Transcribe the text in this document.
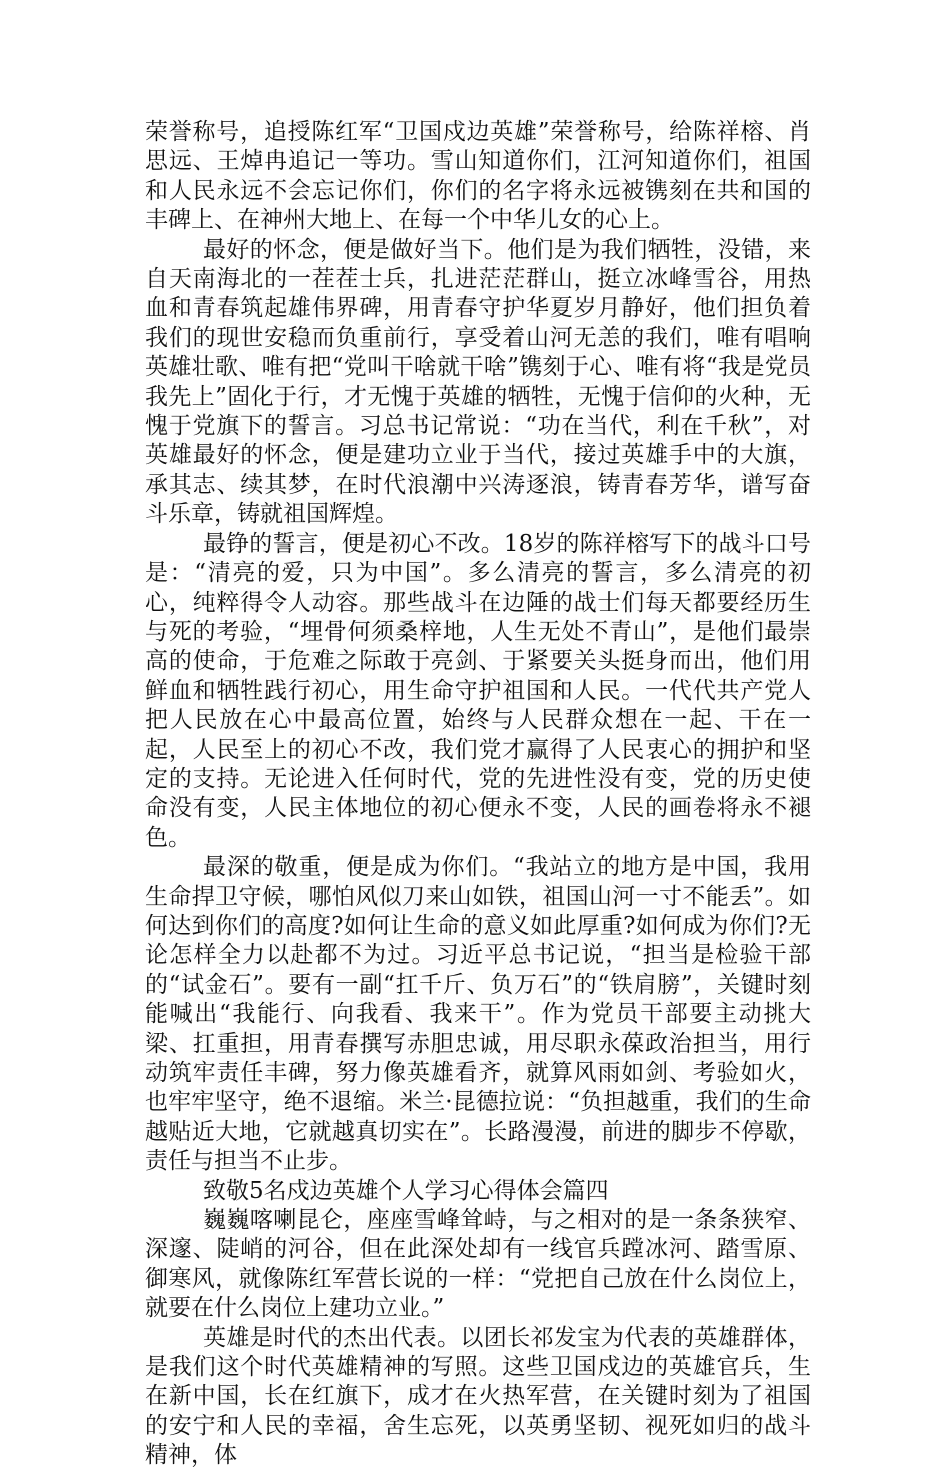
荣誉称号，追授陈红军“卫国戍边英雄”荣誉称号，给陈祥榕、肖思远、王焯冉追记一等功。雪山知道你们，江河知道你们，祖国和人民永远不会忘记你们，你们的名字将永远被镌刻在共和国的丰碑上、在神州大地上、在每一个中华儿女的心上。

最好的怀念，便是做好当下。他们是为我们牺牲，没错，来自天南海北的一茬茬士兵，扎进茫茫群山，挺立冰峰雪谷，用热血和青春筑起雄伟界碑，用青春守护华夏岁月静好，他们担负着我们的现世安稳而负重前行，享受着山河无恙的我们，唯有唱响英雄壮歌、唯有把“党叫干啥就干啥”镌刻于心、唯有将“我是党员我先上”固化于行，才无愧于英雄的牺牲，无愧于信仰的火种，无愧于党旗下的誓言。习总书记常说：“功在当代，利在千秋”，对英雄最好的怀念，便是建功立业于当代，接过英雄手中的大旗，承其志、续其梦，在时代浪潮中兴涛逐浪，铸青春芳华，谱写奋斗乐章，铸就祖国辉煌。

最铮的誓言，便是初心不改。18岁的陈祥榕写下的战斗口号是：“清亮的爱，只为中国”。多么清亮的誓言，多么清亮的初心，纯粹得令人动容。那些战斗在边陲的战士们每天都要经历生与死的考验，“埋骨何须桑梓地，人生无处不青山”，是他们最崇高的使命，于危难之际敢于亮剑、于紧要关头挺身而出，他们用鲜血和牺牲践行初心，用生命守护祖国和人民。一代代共产党人把人民放在心中最高位置，始终与人民群众想在一起、干在一起，人民至上的初心不改，我们党才赢得了人民衷心的拥护和坚定的支持。无论进入任何时代，党的先进性没有变，党的历史使命没有变，人民主体地位的初心便永不变，人民的画卷将永不褪色。

最深的敬重，便是成为你们。“我站立的地方是中国，我用生命捍卫守候，哪怕风似刀来山如铁，祖国山河一寸不能丢”。如何达到你们的高度?如何让生命的意义如此厚重?如何成为你们?无论怎样全力以赴都不为过。习近平总书记说，“担当是检验干部的“试金石”。要有一副“扛千斤、负万石”的“铁肩膀”，关键时刻能喊出“我能行、向我看、我来干”。作为党员干部要主动挑大梁、扛重担，用青春撰写赤胆忠诚，用尽职永葆政治担当，用行动筑牢责任丰碑，努力像英雄看齐，就算风雨如剑、考验如火，也牢牢坚守，绝不退缩。米兰·昆德拉说：“负担越重，我们的生命越贴近大地，它就越真切实在”。长路漫漫，前进的脚步不停歇，责任与担当不止步。

致敬5名戍边英雄个人学习心得体会篇四

巍巍喀喇昆仑，座座雪峰耸峙，与之相对的是一条条狭窄、深邃、陡峭的河谷，但在此深处却有一线官兵蹚冰河、踏雪原、御寒风，就像陈红军营长说的一样：“党把自己放在什么岗位上，就要在什么岗位上建功立业。”

英雄是时代的杰出代表。以团长祁发宝为代表的英雄群体，是我们这个时代英雄精神的写照。这些卫国戍边的英雄官兵，生在新中国，长在红旗下，成才在火热军营，在关键时刻为了祖国的安宁和人民的幸福，舍生忘死，以英勇坚韧、视死如归的战斗精神，体
